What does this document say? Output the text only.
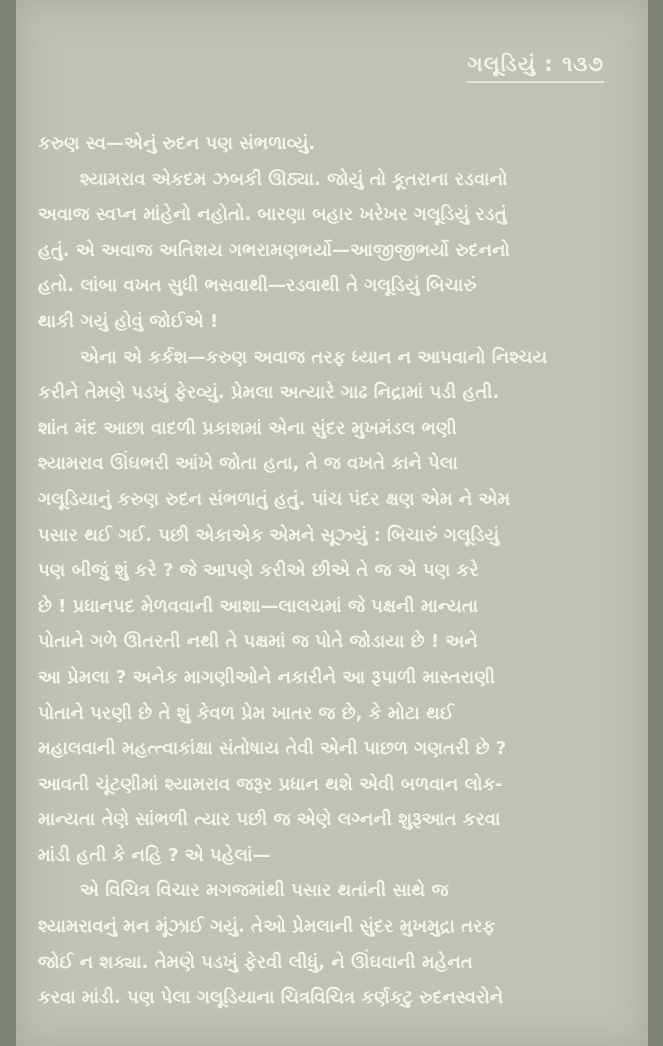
ગલૂડિયું : ૧૩૭
કરુણ સ્વ—એનું રુદન પણ સંભળાવ્યું.
શ્યામરાવ એકદમ ઝબકી ઊઠ્યા. જોયું તો કૂતરાના રડવાનો
અવાજ સ્વપ્ન માંહેનો નહોતો. બારણા બહાર ખરેખર ગલૂડિયું રડતું
હતું. એ અવાજ અતિશય ગભરામણભર્યો—આજીજીભર્યો રુદનનો
હતો. લાંબા વખત સુધી ભસવાથી—રડવાથી તે ગલૂડિયું બિચારું
થાકી ગયું હોવું જોઈએ !
એના એ કર્કશ—કરુણ અવાજ તરફ ધ્યાન ન આપવાનો નિશ્ચય
કરીને તેમણે પડખું ફેરવ્યું. પ્રેમલા અત્યારે ગાઢ નિદ્રામાં પડી હતી.
શાંત મંદ આછા વાદળી પ્રકાશમાં એના સુંદર મુખમંડલ ભણી
શ્યામરાવ ઊંઘભરી આંખે જોતા હતા, તે જ વખતે કાને પેલા
ગલૂડિયાનું કરુણ રુદન સંભળાતું હતું. પાંચ પંદર ક્ષણ એમ ને એમ
પસાર થઈ ગઈ. પછી એકાએક એમને સૂઝ્યું : બિચારું ગલૂડિયું
પણ બીજું શું કરે ? જે આપણે કરીએ છીએ તે જ એ પણ કરે
છે ! પ્રધાનપદ મેળવવાની આશા—લાલચમાં જે પક્ષની માન્યતા
પોતાને ગળે ઊતરતી નથી તે પક્ષમાં જ પોતે જોડાયા છે ! અને
આ પ્રેમલા ? અનેક માગણીઓને નકારીને આ રૂપાળી માસ્તરાણી
પોતાને પરણી છે તે શું કેવળ પ્રેમ ખાતર જ છે, કે મોટા થઈ
મહાલવાની મહત્ત્વાકાંક્ષા સંતોષાય તેવી એની પાછળ ગણતરી છે ?
આવતી ચૂંટણીમાં શ્યામરાવ જરૂર પ્રધાન થશે એવી બળવાન લોક-
માન્યતા તેણે સાંભળી ત્યાર પછી જ એણે લગ્નની શુરૂઆત કરવા
માંડી હતી કે નહિ ? એ પહેલાં—
એ વિચિત્ર વિચાર મગજમાંથી પસાર થતાંની સાથે જ
શ્યામરાવનું મન મૂંઝાઈ ગયું. તેઓ પ્રેમલાની સુંદર મુખમુદ્રા તરફ
જોઈ ન શક્યા. તેમણે પડખું ફેરવી લીધું, ને ઊંઘવાની મહેનત
કરવા માંડી. પણ પેલા ગલૂડિયાના ચિત્રવિચિત્ર કર્ણકટુ રુદનસ્વરોને
